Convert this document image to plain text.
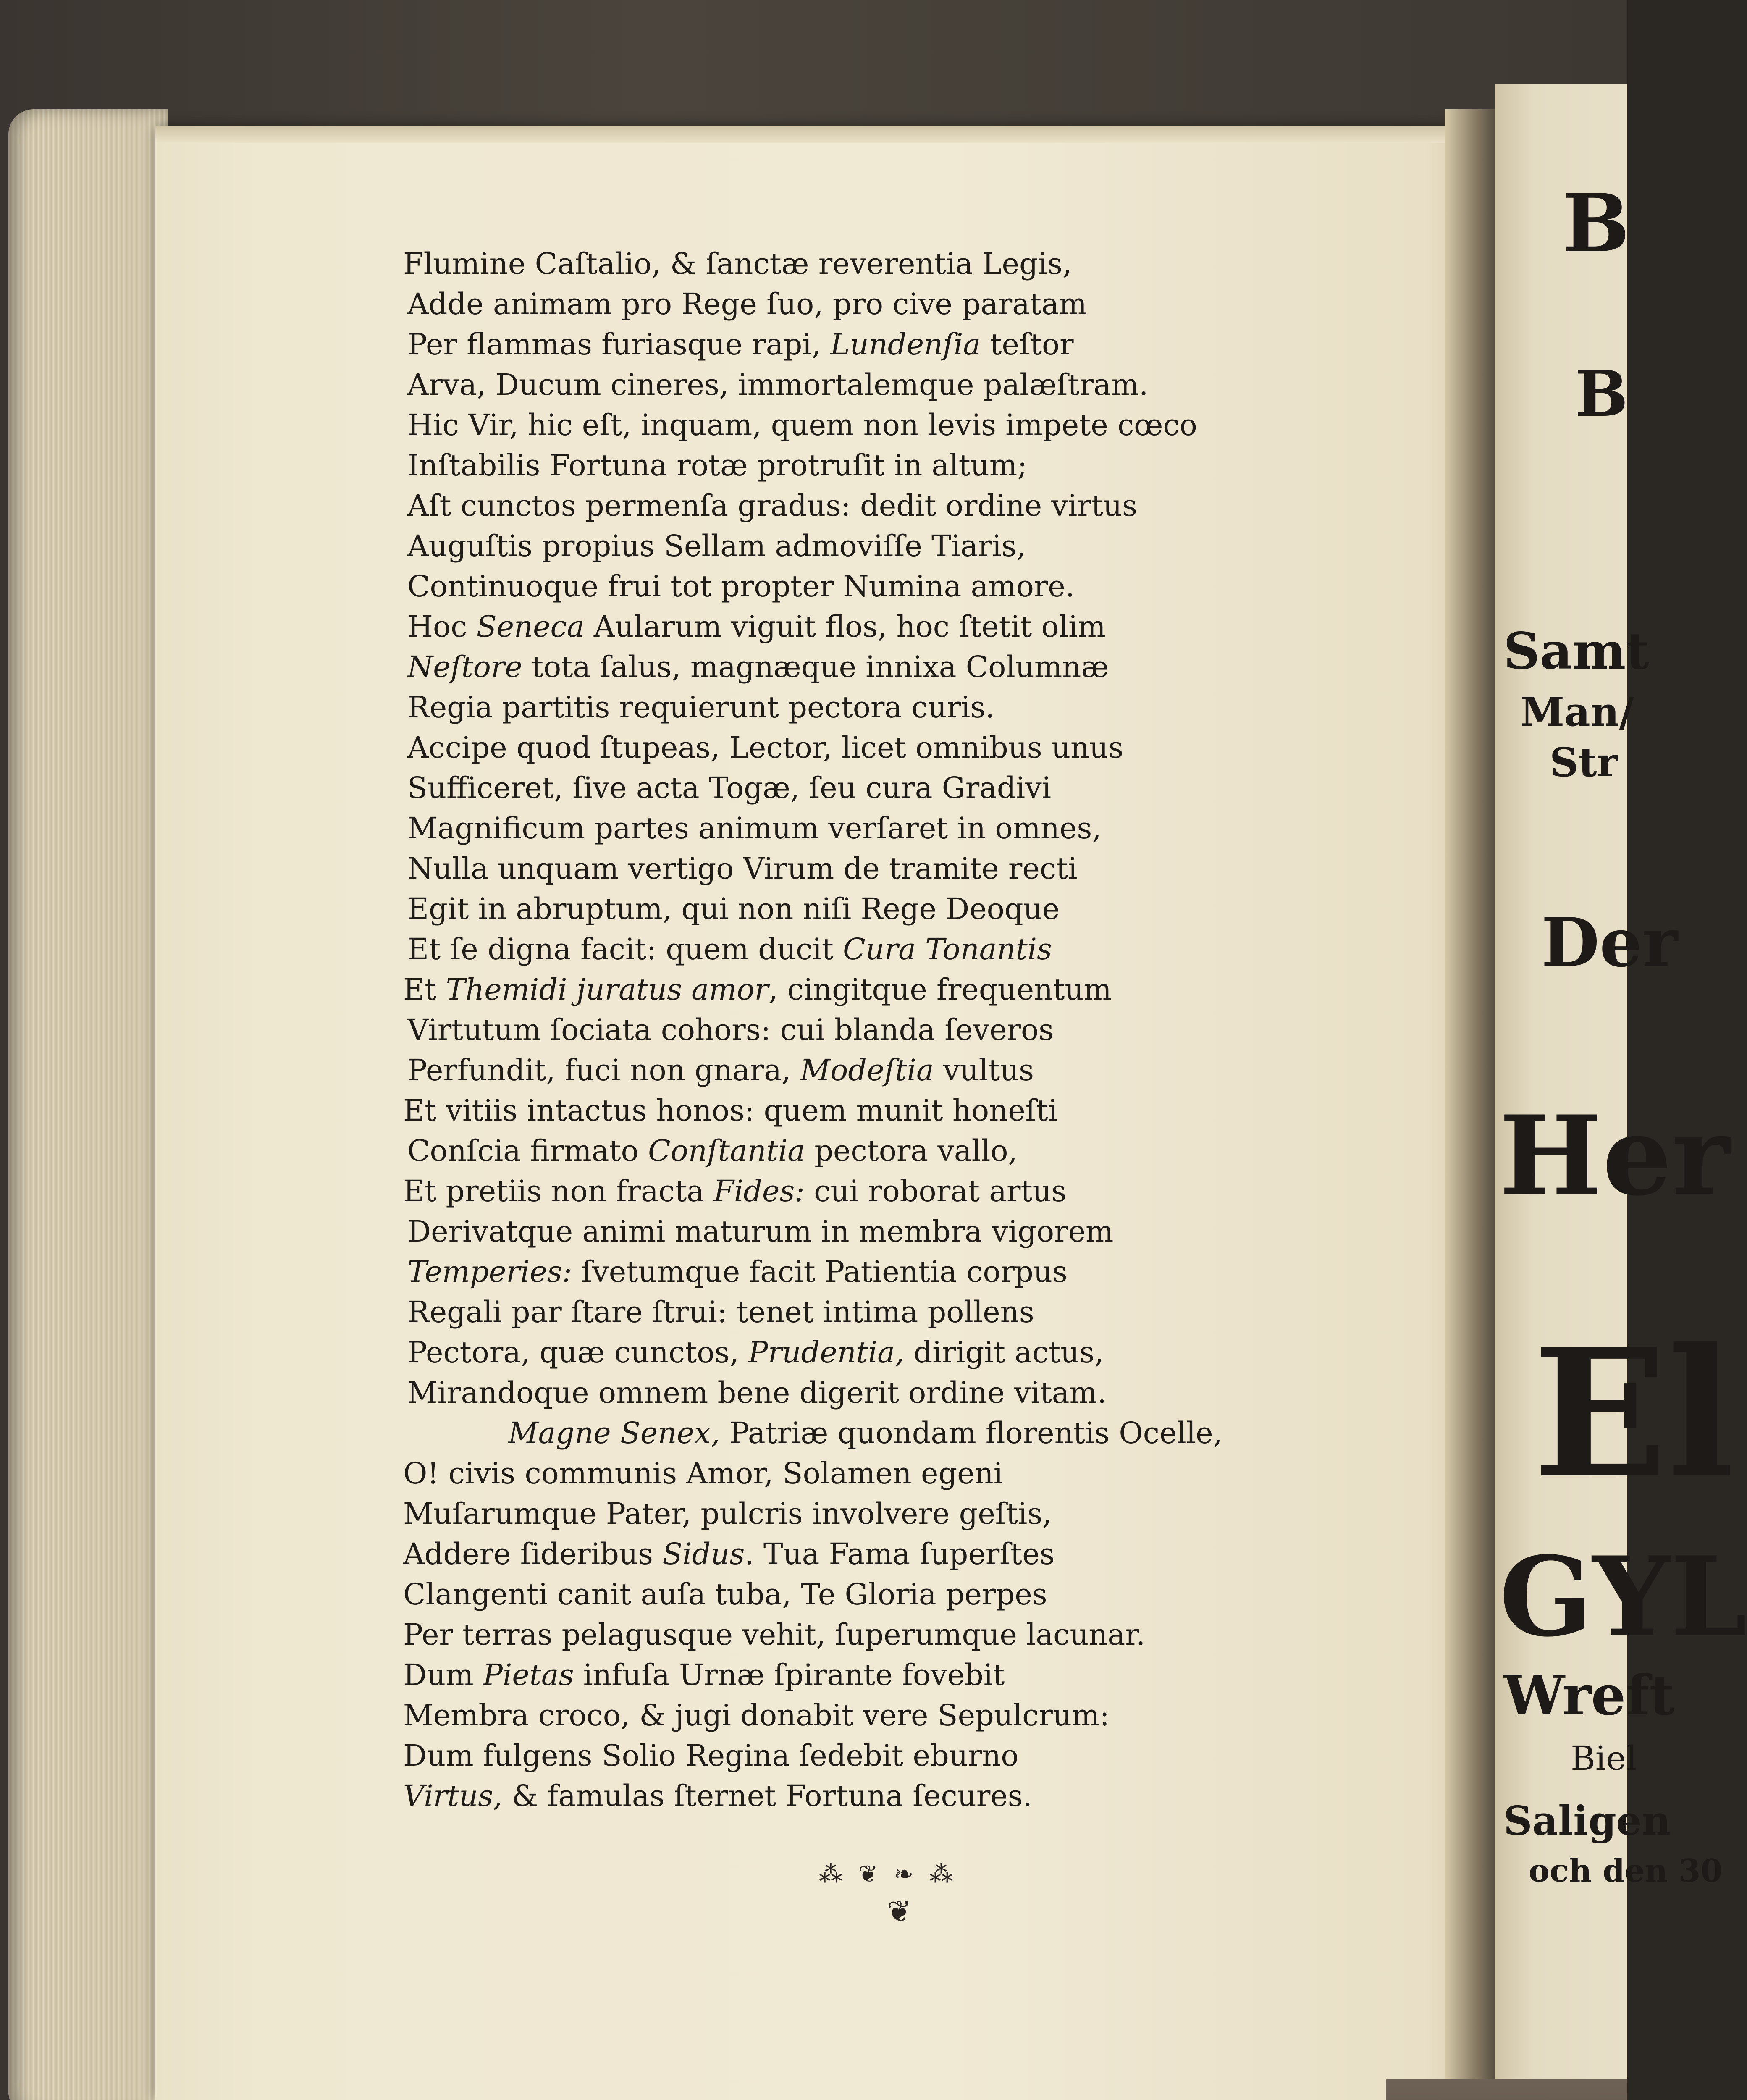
B
B
Samt
Man/
Str
Der
Her
El
GYL
Wreft
Biel
Saligen
och den 30
Flumine Caſtalio, & ſanctæ reverentia Legis,
Adde animam pro Rege ſuo, pro cive paratam
Per flammas furiasque rapi, Lundenſia teſtor
Arva, Ducum cineres, immortalemque palæſtram.
Hic Vir, hic eſt, inquam, quem non levis impete cœco
Inſtabilis Fortuna rotæ protruſit in altum;
Aſt cunctos permenſa gradus: dedit ordine virtus
Auguſtis propius Sellam admoviſſe Tiaris,
Continuoque frui tot propter Numina amore.
Hoc Seneca Aularum viguit flos, hoc ſtetit olim
Neſtore tota ſalus, magnæque innixa Columnæ
Regia partitis requierunt pectora curis.
Accipe quod ſtupeas, Lector, licet omnibus unus
Sufficeret, ſive acta Togæ, ſeu cura Gradivi
Magnificum partes animum verſaret in omnes,
Nulla unquam vertigo Virum de tramite recti
Egit in abruptum, qui non niſi Rege Deoque
Et ſe digna facit: quem ducit Cura Tonantis
Et Themidi juratus amor, cingitque frequentum
Virtutum ſociata cohors: cui blanda ſeveros
Perfundit, fuci non gnara, Modeſtia vultus
Et vitiis intactus honos: quem munit honeſti
Conſcia firmato Conſtantia pectora vallo,
Et pretiis non fracta Fides: cui roborat artus
Derivatque animi maturum in membra vigorem
Temperies: ſvetumque facit Patientia corpus
Regali par ſtare ſtrui: tenet intima pollens
Pectora, quæ cunctos, Prudentia, dirigit actus,
Mirandoque omnem bene digerit ordine vitam.
Magne Senex, Patriæ quondam florentis Ocelle,
O! civis communis Amor, Solamen egeni
Muſarumque Pater, pulcris involvere geſtis,
Addere ſideribus Sidus. Tua Fama ſuperſtes
Clangenti canit auſa tuba, Te Gloria perpes
Per terras pelagusque vehit, ſuperumque lacunar.
Dum Pietas infuſa Urnæ ſpirante fovebit
Membra croco, & jugi donabit vere Sepulcrum:
Dum fulgens Solio Regina ſedebit eburno
Virtus, & famulas ſternet Fortuna ſecures.
⁂ ❦ ❧ ⁂
❦
